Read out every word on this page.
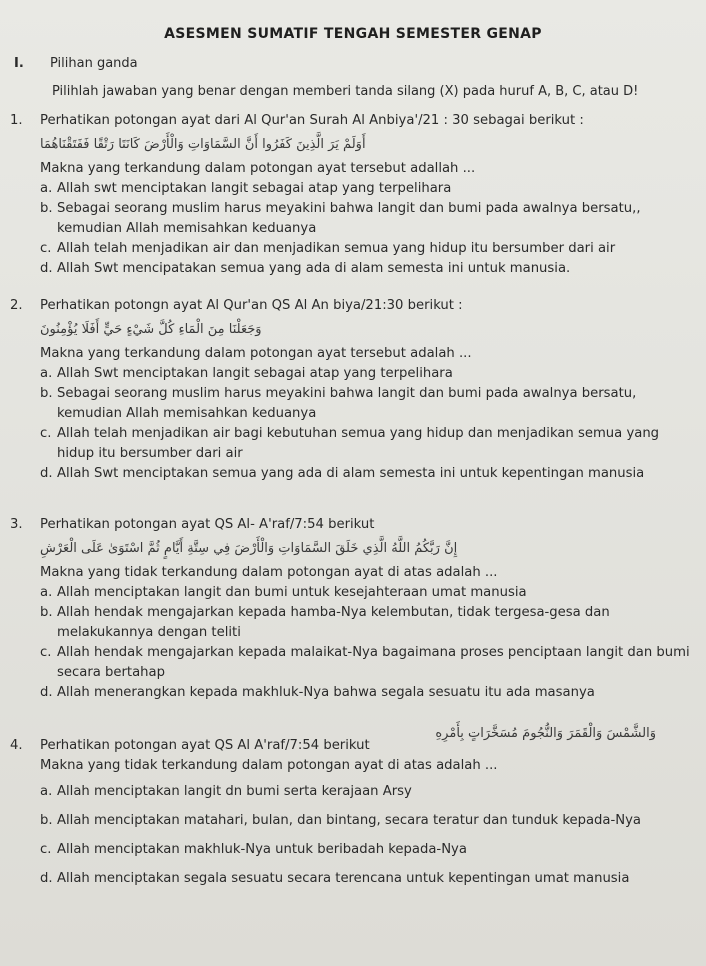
ASESMEN SUMATIF TENGAH SEMESTER GENAP
I. Pilihan ganda
Pilihlah jawaban yang benar dengan memberi tanda silang (X) pada huruf A, B, C, atau D!
1.	Perhatikan potongan ayat dari Al Qur'an Surah Al Anbiya'/21 : 30 sebagai berikut :
أَوَلَمْ يَرَ الَّذِينَ كَفَرُوا أَنَّ السَّمَاوَاتِ وَالْأَرْضَ كَانَتَا رَتْقًا فَفَتَقْنَاهُمَا
Makna yang terkandung dalam potongan ayat tersebut adallah ...
a. Allah swt menciptakan langit sebagai atap yang terpelihara
b. Sebagai seorang muslim harus meyakini bahwa langit dan bumi pada awalnya bersatu,, kemudian Allah memisahkan keduanya
c. Allah telah menjadikan air dan menjadikan semua yang hidup itu bersumber dari air
d. Allah Swt mencipatakan semua yang ada di alam semesta ini untuk manusia.
2.	Perhatikan potongn ayat Al Qur'an QS Al An biya/21:30 berikut :
وَجَعَلْنَا مِنَ الْمَاءِ كُلَّ شَيْءٍ حَيٍّ أَفَلَا يُؤْمِنُونَ
Makna yang terkandung dalam potongan ayat tersebut adalah ...
a. Allah Swt menciptakan langit sebagai atap yang terpelihara
b. Sebagai seorang muslim harus meyakini bahwa langit dan bumi pada awalnya bersatu, kemudian Allah memisahkan keduanya
c. Allah telah menjadikan air bagi kebutuhan semua yang hidup dan menjadikan semua yang hidup itu bersumber dari air
d. Allah Swt menciptakan semua yang ada di alam semesta ini untuk kepentingan manusia
3.	Perhatikan potongan ayat QS Al- A'raf/7:54 berikut
إِنَّ رَبَّكُمُ اللَّهُ الَّذِي خَلَقَ السَّمَاوَاتِ وَالْأَرْضَ فِي سِتَّةِ أَيَّامٍ ثُمَّ اسْتَوَىٰ عَلَى الْعَرْشِ
Makna yang tidak terkandung dalam potongan ayat di atas adalah ...
a. Allah menciptakan langit dan bumi untuk kesejahteraan umat manusia
b. Allah hendak mengajarkan kepada hamba-Nya kelembutan, tidak tergesa-gesa dan melakukannya dengan teliti
c. Allah hendak mengajarkan kepada malaikat-Nya bagaimana proses penciptaan langit dan bumi secara bertahap
d. Allah menerangkan kepada makhluk-Nya bahwa segala sesuatu itu ada masanya
4.	Perhatikan potongan ayat QS Al A'raf/7:54 berikut
وَالشَّمْسَ وَالْقَمَرَ وَالنُّجُومَ مُسَخَّرَاتٍ بِأَمْرِهِ
Makna yang tidak terkandung dalam potongan ayat di atas adalah ...
a. Allah menciptakan langit dn bumi serta kerajaan Arsy
b. Allah menciptakan matahari, bulan, dan bintang, secara teratur dan tunduk kepada-Nya
c. Allah menciptakan makhluk-Nya untuk beribadah kepada-Nya
d. Allah menciptakan segala sesuatu secara terencana untuk kepentingan umat manusia
